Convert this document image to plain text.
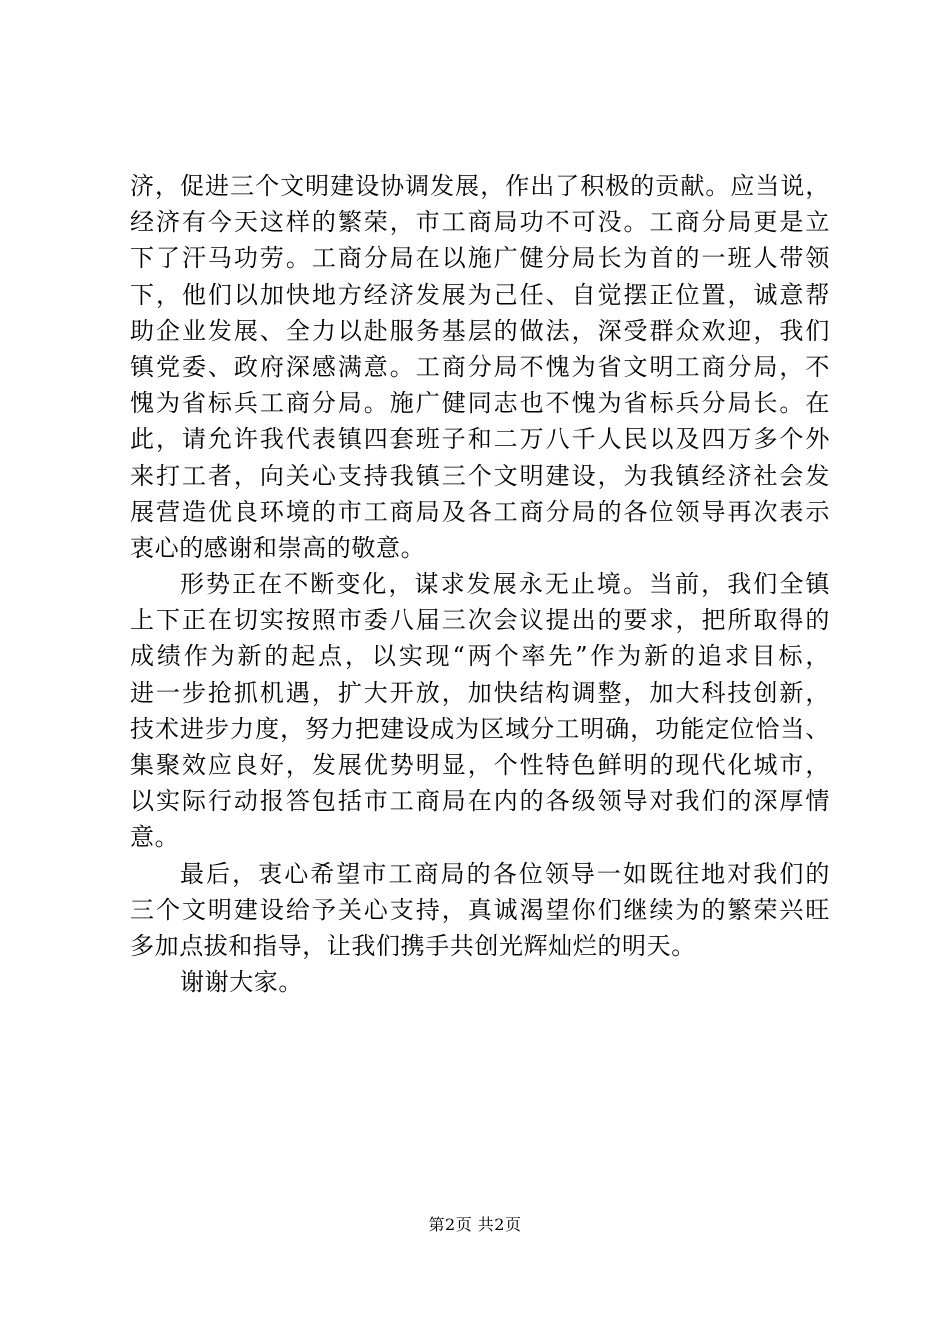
济，促进三个文明建设协调发展，作出了积极的贡献。应当说，
经济有今天这样的繁荣，市工商局功不可没。工商分局更是立
下了汗马功劳。工商分局在以施广健分局长为首的一班人带领
下，他们以加快地方经济发展为己任、自觉摆正位置，诚意帮
助企业发展、全力以赴服务基层的做法，深受群众欢迎，我们
镇党委、政府深感满意。工商分局不愧为省文明工商分局，不
愧为省标兵工商分局。施广健同志也不愧为省标兵分局长。在
此，请允许我代表镇四套班子和二万八千人民以及四万多个外
来打工者，向关心支持我镇三个文明建设，为我镇经济社会发
展营造优良环境的市工商局及各工商分局的各位领导再次表示
衷心的感谢和崇高的敬意。
形势正在不断变化，谋求发展永无止境。当前，我们全镇
上下正在切实按照市委八届三次会议提出的要求，把所取得的
成绩作为新的起点，以实现“两个率先”作为新的追求目标，
进一步抢抓机遇，扩大开放，加快结构调整，加大科技创新，
技术进步力度，努力把建设成为区域分工明确，功能定位恰当、
集聚效应良好，发展优势明显，个性特色鲜明的现代化城市，
以实际行动报答包括市工商局在内的各级领导对我们的深厚情
意。
最后，衷心希望市工商局的各位领导一如既往地对我们的
三个文明建设给予关心支持，真诚渴望你们继续为的繁荣兴旺
多加点拔和指导，让我们携手共创光辉灿烂的明天。
谢谢大家。
第2页 共2页
